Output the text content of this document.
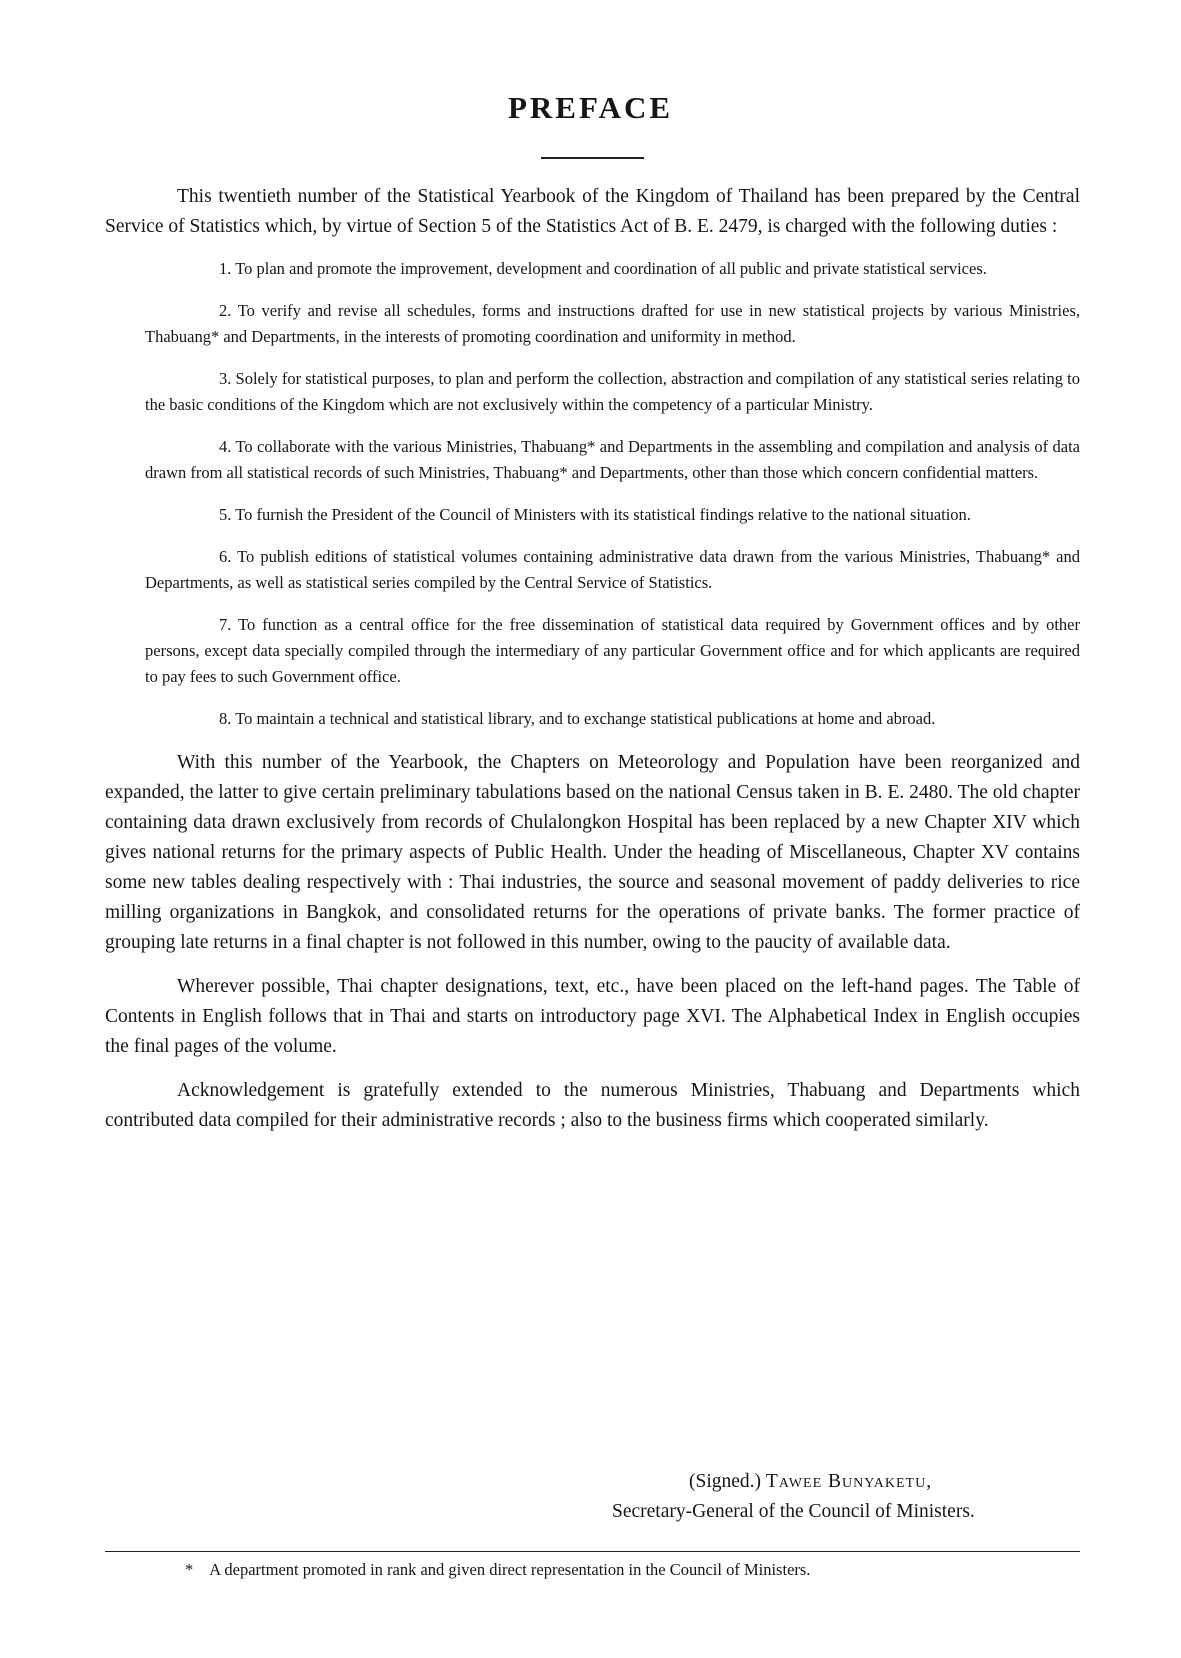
PREFACE

This twentieth number of the Statistical Yearbook of the Kingdom of Thailand has been prepared by the Central Service of Statistics which, by virtue of Section 5 of the Statistics Act of B. E. 2479, is charged with the following duties :

1. To plan and promote the improvement, development and coordination of all public and private statistical services.
2. To verify and revise all schedules, forms and instructions drafted for use in new statistical projects by various Ministries, Thabuang* and Departments, in the interests of promoting coordination and uniformity in method.
3. Solely for statistical purposes, to plan and perform the collection, abstraction and compilation of any statistical series relating to the basic conditions of the Kingdom which are not exclusively within the competency of a particular Ministry.
4. To collaborate with the various Ministries, Thabuang* and Departments in the assembling and compilation and analysis of data drawn from all statistical records of such Ministries, Thabuang* and Departments, other than those which concern confidential matters.
5. To furnish the President of the Council of Ministers with its statistical findings relative to the national situation.
6. To publish editions of statistical volumes containing administrative data drawn from the various Ministries, Thabuang* and Departments, as well as statistical series compiled by the Central Service of Statistics.
7. To function as a central office for the free dissemination of statistical data required by Government offices and by other persons, except data specially compiled through the intermediary of any particular Government office and for which applicants are required to pay fees to such Government office.
8. To maintain a technical and statistical library, and to exchange statistical publications at home and abroad.

With this number of the Yearbook, the Chapters on Meteorology and Population have been reorganized and expanded, the latter to give certain preliminary tabulations based on the national Census taken in B. E. 2480. The old chapter containing data drawn exclusively from records of Chulalongkon Hospital has been replaced by a new Chapter XIV which gives national returns for the primary aspects of Public Health. Under the heading of Miscellaneous, Chapter XV contains some new tables dealing respectively with : Thai industries, the source and seasonal movement of paddy deliveries to rice milling organizations in Bangkok, and consolidated returns for the operations of private banks. The former practice of grouping late returns in a final chapter is not followed in this number, owing to the paucity of available data.

Wherever possible, Thai chapter designations, text, etc., have been placed on the left-hand pages. The Table of Contents in English follows that in Thai and starts on introductory page XVI. The Alphabetical Index in English occupies the final pages of the volume.

Acknowledgement is gratefully extended to the numerous Ministries, Thabuang and Departments which contributed data compiled for their administrative records ; also to the business firms which cooperated similarly.

(Signed.) Tawee Bunyaketu,
Secretary-General of the Council of Ministers.
* A department promoted in rank and given direct representation in the Council of Ministers.
